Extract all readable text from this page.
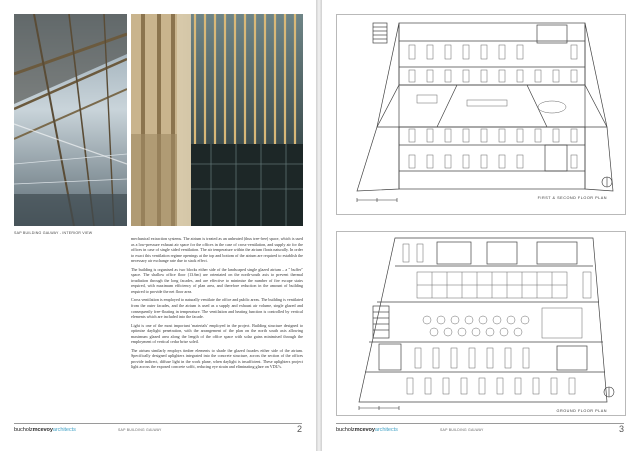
SAP BUILDING GALWAY - INTERIOR VIEW

mechanical extraction systems. The atrium is treated as an unheated (thus tree-free) space, which is used as a low-pressure exhaust air space for the offices in the case of cross-ventilation, and supply air for the offices in case of single sided ventilation. The air temperature within the atrium floats naturally. In order to exact this ventilation regime openings at the top and bottom of the atrium are required to establish the necessary air exchange rate due to stack effect.

The building is organised as two blocks either side of the landscaped single glazed atrium – a " buffer" space. The shallow office floor (13.6m) are orientated on the north-south axis to prevent thermal irradiation through the long facades, and are effective to minimise the number of fire escape stairs required, with maximum efficiency of plan area, and therefore reduction in the amount of building required to provide the net floor area.

Cross ventilation is employed to naturally ventilate the office and public areas. The building is ventilated from the outer facades, and the atrium is used as a supply and exhaust air volume, single glazed and consequently free-floating in temperature. The ventilation and heating function is controlled by vertical elements which are included into the facade.

Light is one of the most important 'materials' employed in the project. Building structure designed to optimise daylight penetration, with the arrangement of the plan on the north south axis allowing maximum glazed area along the length of the office space with solar gains minimised through the employment of vertical cedar brise soleil.

The atrium similarly employs timber elements to shade the glazed facades either side of the atrium. Specifically designed uplighters integrated into the concrete structure, across the section of the offices provide indirect, diffuse light in the work plane, when daylight is insufficient. These uplighters project light across the exposed concrete soffit, reducing eye strain and eliminating glare on VDU's.

bucholzmcevoyarchitects	SAP BUILDING GALWAY	2
FIRST & SECOND FLOOR PLAN
GROUND FLOOR PLAN
bucholzmcevoyarchitects	SAP BUILDING GALWAY	3
